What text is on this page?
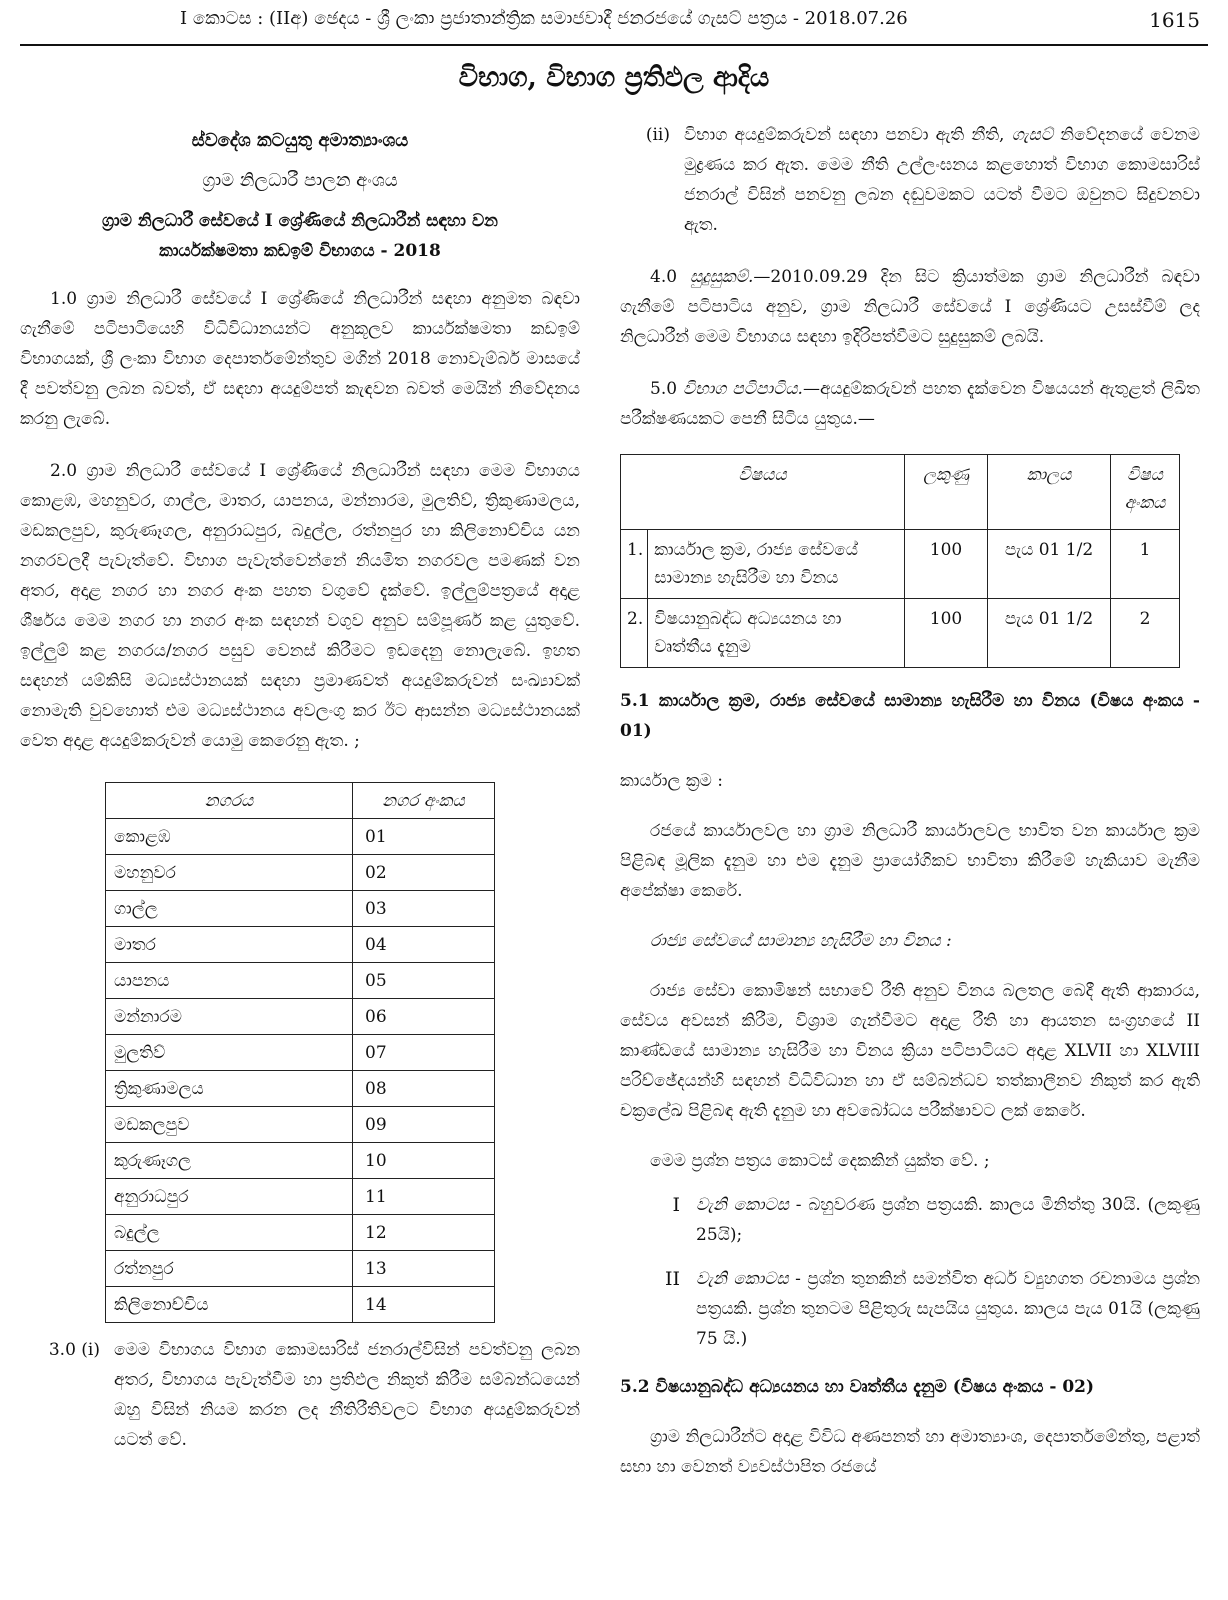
I කොටස : (IIඅ) ඡෙදය - ශ්‍රී ලංකා ප්‍රජාතාන්ත්‍රික සමාජවාදී ජනරජයේ ගැසට් පත්‍රය - 2018.07.26	1615
විභාග, විභාග ප්‍රතිඵල ආදිය

ස්වදේශ කටයුතු අමාත්‍යාංශය

ග්‍රාම නිලධාරී පාලන අංශය

ග්‍රාම නිලධාරී සේවයේ I ශ්‍රේණියේ නිලධාරීන් සඳහා වන

කාර්යක්ෂමතා කඩඉම් විභාගය - 2018

1.0 ග්‍රාම නිලධාරී සේවයේ I ශ්‍රේණියේ නිලධාරීන් සඳහා අනුමත බඳවා ගැනීමේ පටිපාටියෙහි විධිවිධානයන්ට අනුකූලව කාර්යක්ෂමතා කඩඉම් විභාගයක්, ශ්‍රී ලංකා විභාග දෙපාර්තමේන්තුව මගින් 2018 නොවැම්බර් මාසයේ දී පවත්වනු ලබන බවත්, ඒ සඳහා අයදුම්පත් කැඳවන බවත් මෙයින් නිවේදනය කරනු ලැබේ.

2.0 ග්‍රාම නිලධාරී සේවයේ I ශ්‍රේණියේ නිලධාරීන් සඳහා මෙම විභාගය කොළඹ, මහනුවර, ගාල්ල, මාතර, යාපනය, මන්නාරම, මුලතිව්, ත්‍රිකුණාමලය, මඩකලපුව, කුරුණෑගල, අනුරාධපුර, බදුල්ල, රත්නපුර හා කිලිනොච්චිය යන නගරවලදී පැවැත්වේ. විභාග පැවැත්වෙන්නේ නියමිත නගරවල පමණක් වන අතර, අදාළ නගර හා නගර අංක පහත වගුවේ දැක්වේ. ඉල්ලුම්පත්‍රයේ අදාළ ශීර්ෂය මෙම නගර හා නගර අංක සඳහන් වගුව අනුව සම්පූර්ණ කළ යුතුවේ. ඉල්ලුම් කළ නගරය/නගර පසුව වෙනස් කිරීමට ඉඩදෙනු නොලැබේ. ඉහත සඳහන් යම්කිසි මධ්‍යස්ථානයක් සඳහා ප්‍රමාණවත් අයදුම්කරුවන් සංඛ්‍යාවක් නොමැති වුවහොත් එම මධ්‍යස්ථානය අවලංගු කර ඊට ආසන්න මධ්‍යස්ථානයක් වෙත අදාළ අයදුම්කරුවන් යොමු කෙරෙනු ඇත. ;

නගරය	නගර අංකය
කොළඹ	01
මහනුවර	02
ගාල්ල	03
මාතර	04
යාපනය	05
මන්නාරම	06
මුලතිව්	07
ත්‍රිකුණාමලය	08
මඩකලපුව	09
කුරුණෑගල	10
අනුරාධපුර	11
බදුල්ල	12
රත්නපුර	13
කිලිනොච්චිය	14
3.0 (i) මෙම විභාගය විභාග කොමසාරිස් ජනරාල්විසින් පවත්වනු ලබන අතර, විභාගය පැවැත්වීම හා ප්‍රතිඵල නිකුත් කිරීම සම්බන්ධයෙන් ඔහු විසින් නියම කරන ලද නීතිරීතිවලට විභාග අයදුම්කරුවන් යටත් වේ.

(ii) විභාග අයදුම්කරුවන් සඳහා පනවා ඇති නීති, ගැසට් නිවේදනයේ වෙනම මුද්‍රණය කර ඇත. මෙම නීති උල්ලංඝනය කළහොත් විභාග කොමසාරිස් ජනරාල් විසින් පනවනු ලබන දඬුවමකට යටත් වීමට ඔවුනට සිදුවනවා ඇත.

4.0 සුදුසුකම්.—2010.09.29 දින සිට ක්‍රියාත්මක ග්‍රාම නිලධාරීන් බඳවා ගැනීමේ පටිපාටිය අනුව, ග්‍රාම නිලධාරී සේවයේ I ශ්‍රේණියට උසස්වීම් ලද නිලධාරීන් මෙම විභාගය සඳහා ඉදිරිපත්වීමට සුදුසුකම් ලබයි.

5.0 විභාග පටිපාටිය.—අයදුම්කරුවන් පහත දැක්වෙන විෂයයන් ඇතුළත් ලිඛිත පරීක්ෂණයකට පෙනී සිටිය යුතුය.—

විෂයය		ලකුණු	කාලය	විෂය අංකය
1.	කාර්යාල ක්‍රම, රාජ්‍ය සේවයේ සාමාන්‍ය හැසිරීම හා විනය	100	පැය 01 1/2	1
2.	විෂයානුබද්ධ අධ්‍යයනය හා වෘත්තීය දැනුම	100	පැය 01 1/2	2

5.1 කාර්යාල ක්‍රම, රාජ්‍ය සේවයේ සාමාන්‍ය හැසිරීම හා විනය (විෂය අංකය - 01)

කාර්යාල ක්‍රම :

රජයේ කාර්යාලවල හා ග්‍රාම නිලධාරී කාර්යාලවල භාවිත වන කාර්යාල ක්‍රම පිළිබඳ මූලික දැනුම හා එම දැනුම ප්‍රායෝගිකව භාවිතා කිරීමේ හැකියාව මැනීම අපේක්ෂා කෙරේ.

රාජ්‍ය සේවයේ සාමාන්‍ය හැසිරීම හා විනය :

රාජ්‍ය සේවා කොමිෂන් සභාවේ රීති අනුව විනය බලතල බෙදී ඇති ආකාරය, සේවය අවසන් කිරීම, විශ්‍රාම ගැන්වීමට අදාළ රීති හා ආයතන සංග්‍රහයේ II කාණ්ඩයේ සාමාන්‍ය හැසිරීම හා විනය ක්‍රියා පටිපාටියට අදාළ XLVII හා XLVIII පරිච්ඡේදයන්හි සඳහන් විධිවිධාන හා ඒ සම්බන්ධව තත්කාලීනව නිකුත් කර ඇති චක්‍රලේඛ පිළිබඳ ඇති දැනුම හා අවබෝධය පරීක්ෂාවට ලක් කෙරේ.

මෙම ප්‍රශ්න පත්‍රය කොටස් දෙකකින් යුක්ත වේ. ;

I වැනි කොටස - බහුවරණ ප්‍රශ්න පත්‍රයකි. කාලය මිනිත්තු 30යි. (ලකුණු 25යි);

II වැනි කොටස - ප්‍රශ්න තුනකින් සමන්විත අර්ධ ව්‍යුහගත රචනාමය ප්‍රශ්න පත්‍රයකි. ප්‍රශ්න තුනටම පිළිතුරු සැපයිය යුතුය. කාලය පැය 01යි (ලකුණු 75 යි.)

5.2 විෂයානුබද්ධ අධ්‍යයනය හා වෘත්තීය දැනුම (විෂය අංකය - 02)

ග්‍රාම නිලධාරීන්ට අදාළ විවිධ අණපනත් හා අමාත්‍යාංශ, දෙපාර්තමේන්තු, පළාත් සභා හා වෙනත් ව්‍යවස්ථාපිත රජයේ
